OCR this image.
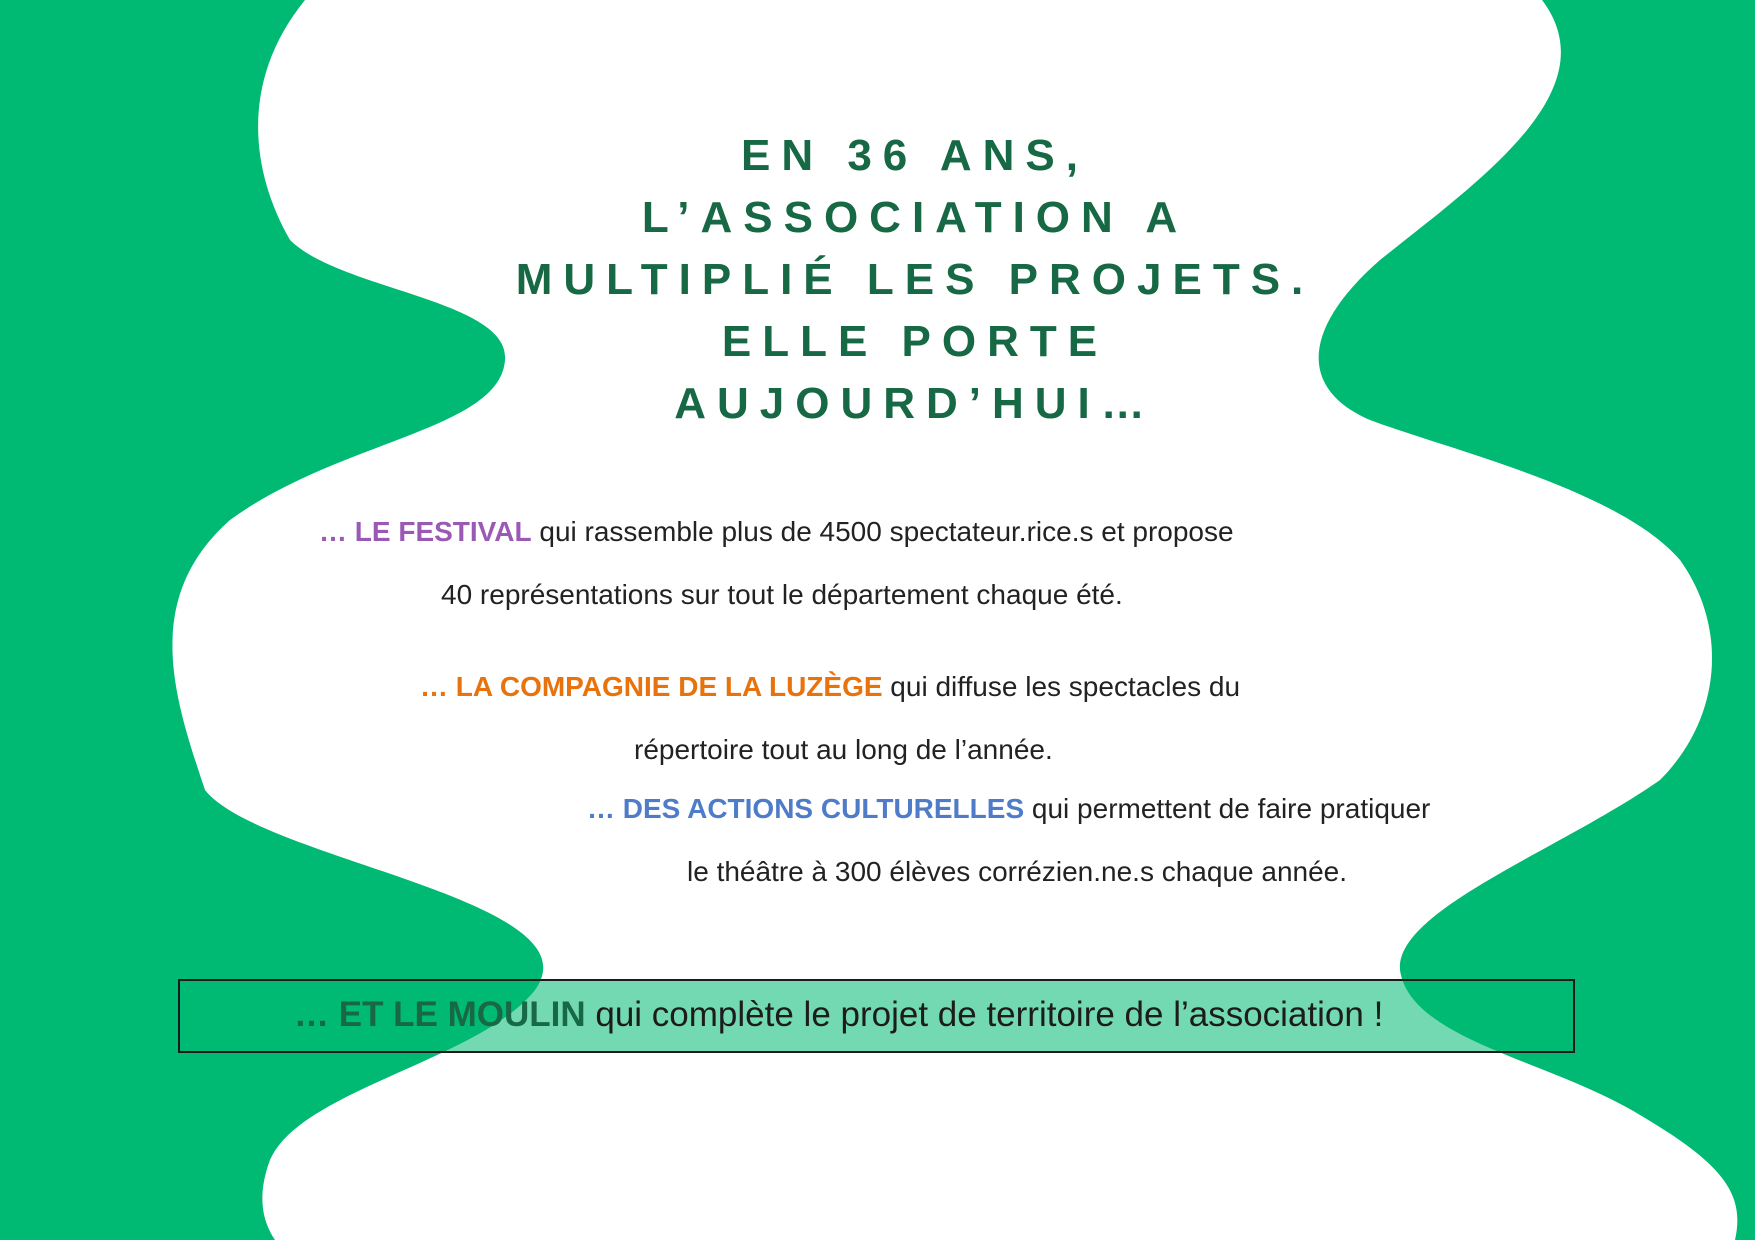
EN 36 ANS,
L’ASSOCIATION A
MULTIPLIÉ LES PROJETS.
ELLE PORTE
AUJOURD’HUI…

… LE FESTIVAL qui rassemble plus de 4500 spectateur.rice.s et propose

40 représentations sur tout le département chaque été.

… LA COMPAGNIE DE LA LUZÈGE qui diffuse les spectacles du

répertoire tout au long de l’année.

… DES ACTIONS CULTURELLES qui permettent de faire pratiquer

le théâtre à 300 élèves corrézien.ne.s chaque année.

… ET LE MOULIN qui complète le projet de territoire de l’association !
